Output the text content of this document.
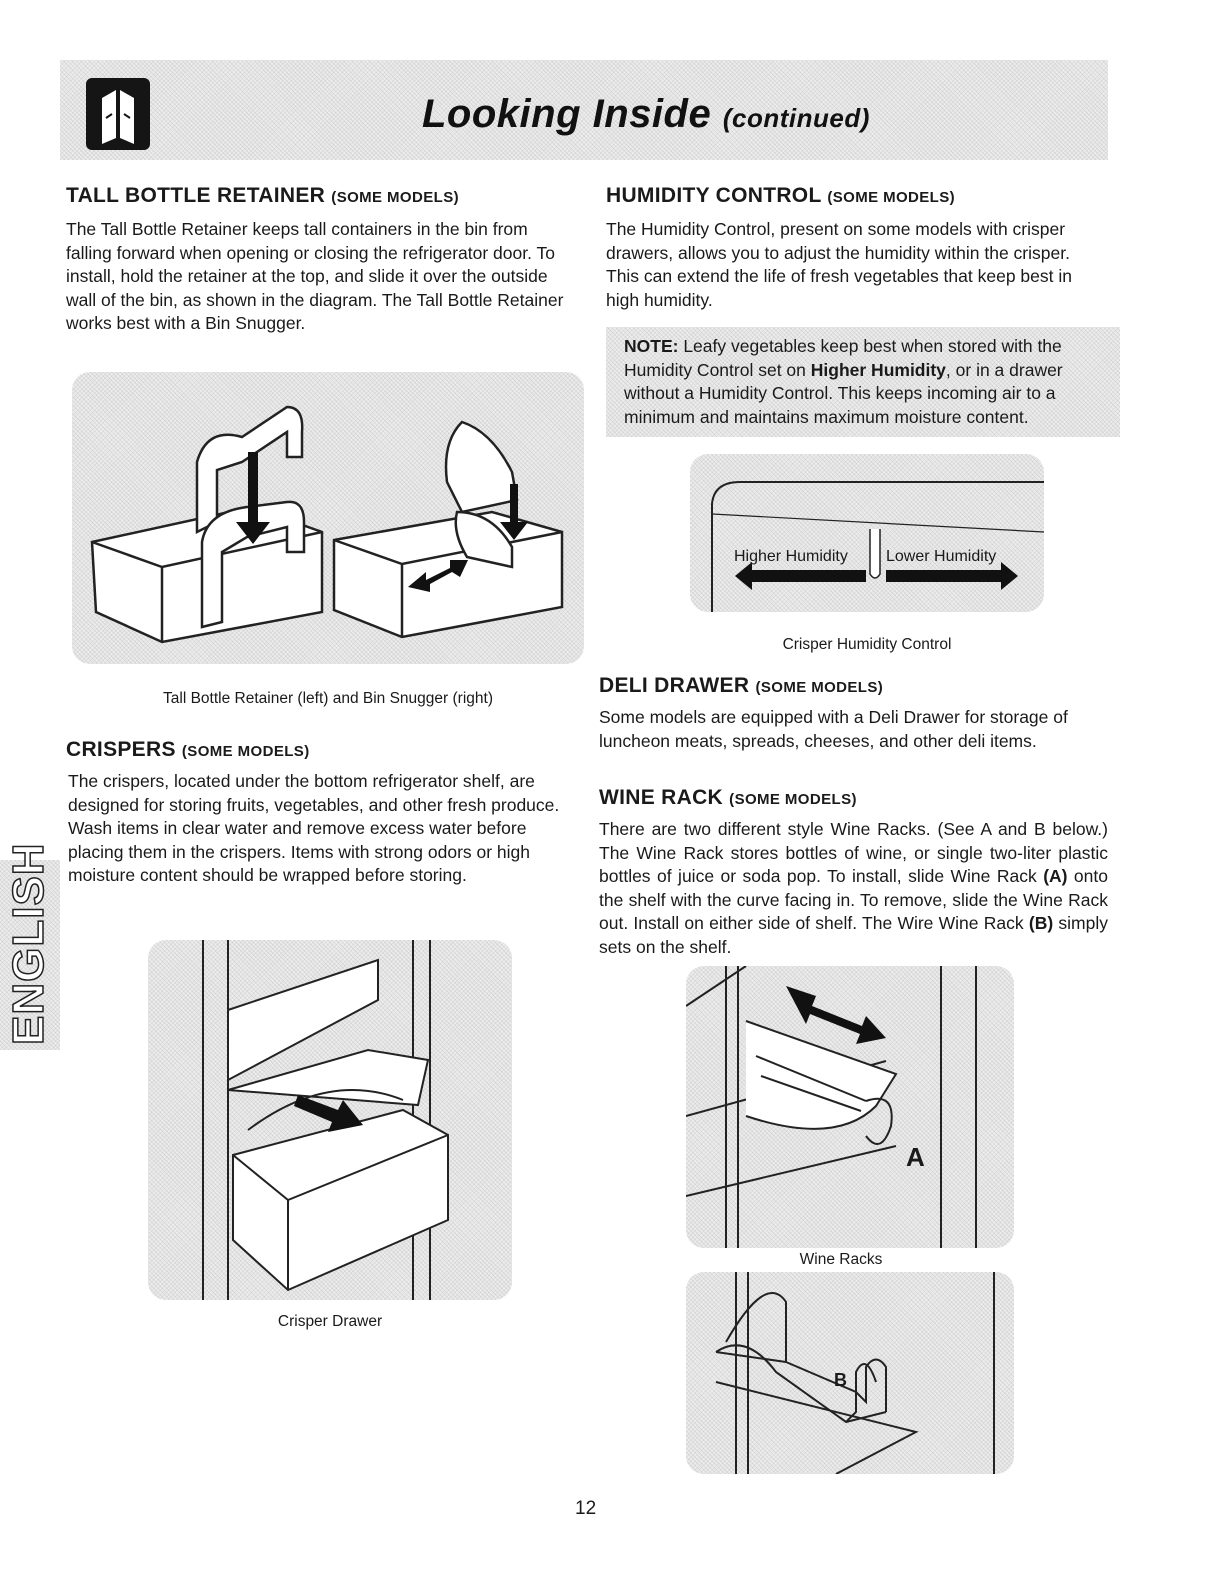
Looking Inside (continued)
ENGLISH
TALL BOTTLE RETAINER (SOME MODELS)
The Tall Bottle Retainer keeps tall containers in the bin from falling forward when opening or closing the refrigerator door. To install, hold the retainer at the top, and slide it over the outside wall of the bin, as shown in the diagram. The Tall Bottle Retainer works best with a Bin Snugger.
Tall Bottle Retainer (left) and Bin Snugger (right)
CRISPERS (SOME MODELS)
The crispers, located under the bottom refrigerator shelf, are designed for storing fruits, vegetables, and other fresh produce. Wash items in clear water and remove excess water before placing them in the crispers. Items with strong odors or high moisture content should be wrapped before storing.
Crisper Drawer
HUMIDITY CONTROL (SOME MODELS)
The Humidity Control, present on some models with crisper drawers, allows you to adjust the humidity within the crisper. This can extend the life of fresh vegetables that keep best in high humidity.
NOTE: Leafy vegetables keep best when stored with the Humidity Control set on Higher Humidity, or in a drawer without a Humidity Control. This keeps incoming air to a minimum and maintains maximum moisture content.
Higher Humidity Lower Humidity
Crisper Humidity Control
DELI DRAWER (SOME MODELS)
Some models are equipped with a Deli Drawer for storage of luncheon meats, spreads, cheeses, and other deli items.
WINE RACK (SOME MODELS)
There are two different style Wine Racks. (See A and B below.) The Wine Rack stores bottles of wine, or single two-liter plastic bottles of juice or soda pop. To install, slide Wine Rack (A) onto the shelf with the curve facing in. To remove, slide the Wine Rack out. Install on either side of shelf. The Wire Wine Rack (B) simply sets on the shelf.
A
Wine Racks
B
12
